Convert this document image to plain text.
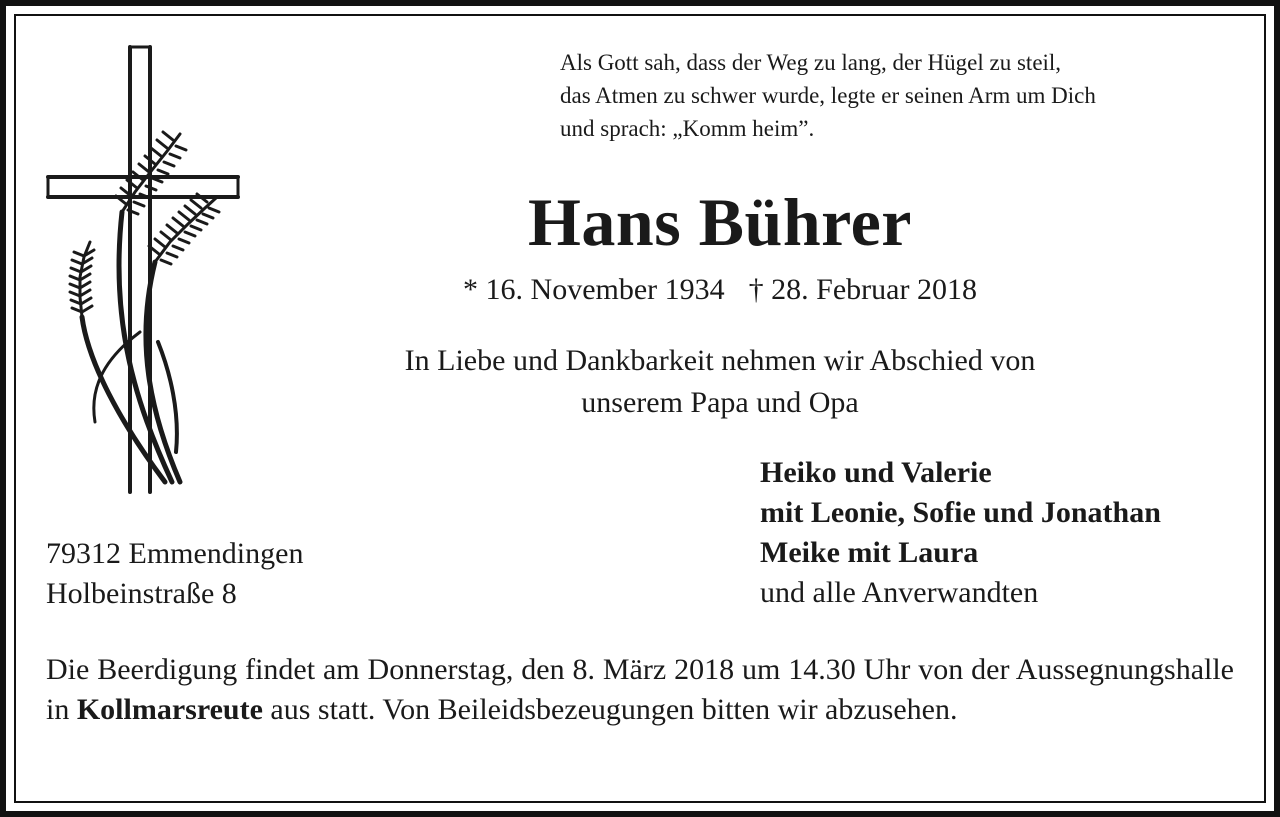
Als Gott sah, dass der Weg zu lang, der Hügel zu steil,
das Atmen zu schwer wurde, legte er seinen Arm um Dich
und sprach: „Komm heim”.
Hans Bührer
* 16. November 1934 † 28. Februar 2018
In Liebe und Dankbarkeit nehmen wir Abschied von
unserem Papa und Opa
Heiko und Valerie
mit Leonie, Sofie und Jonathan
Meike mit Laura
und alle Anverwandten
79312 Emmendingen
Holbeinstraße 8
Die Beerdigung findet am Donnerstag, den 8. März 2018 um 14.30 Uhr von der Aussegnungshalle in Kollmarsreute aus statt. Von Beileidsbezeugungen bitten wir abzusehen.
